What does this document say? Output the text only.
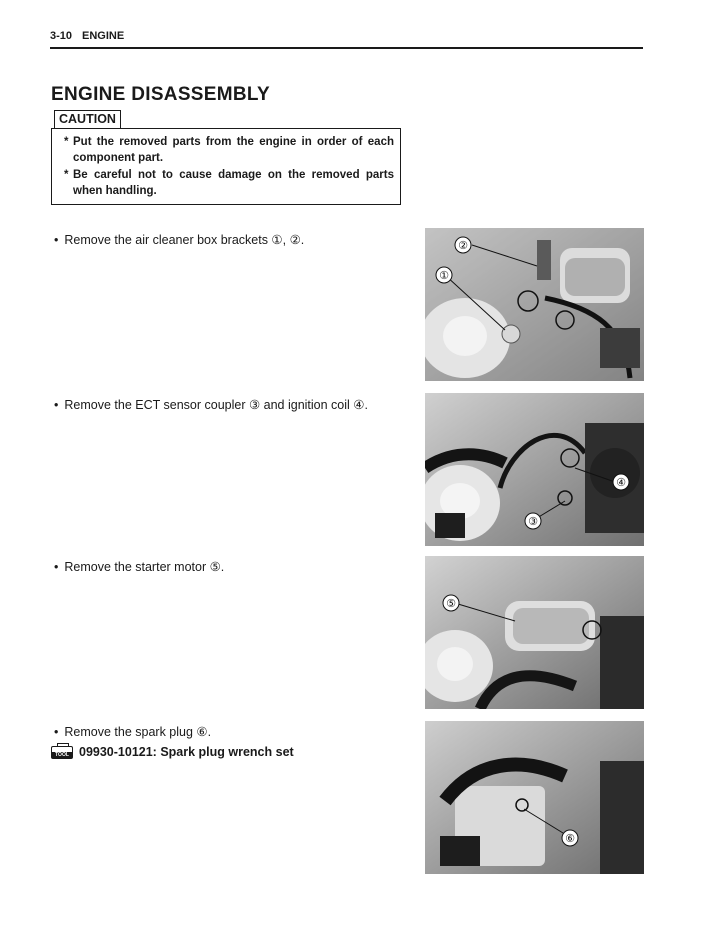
3-10 ENGINE
ENGINE DISASSEMBLY
CAUTION
* Put the removed parts from the engine in order of each component part.
* Be careful not to cause damage on the removed parts when handling.
• Remove the air cleaner box brackets ①, ②.
• Remove the ECT sensor coupler ③ and ignition coil ④.
• Remove the starter motor ⑤.
• Remove the spark plug ⑥.
TOOL 09930-10121: Spark plug wrench set
②
①
④
③
⑤
⑥
